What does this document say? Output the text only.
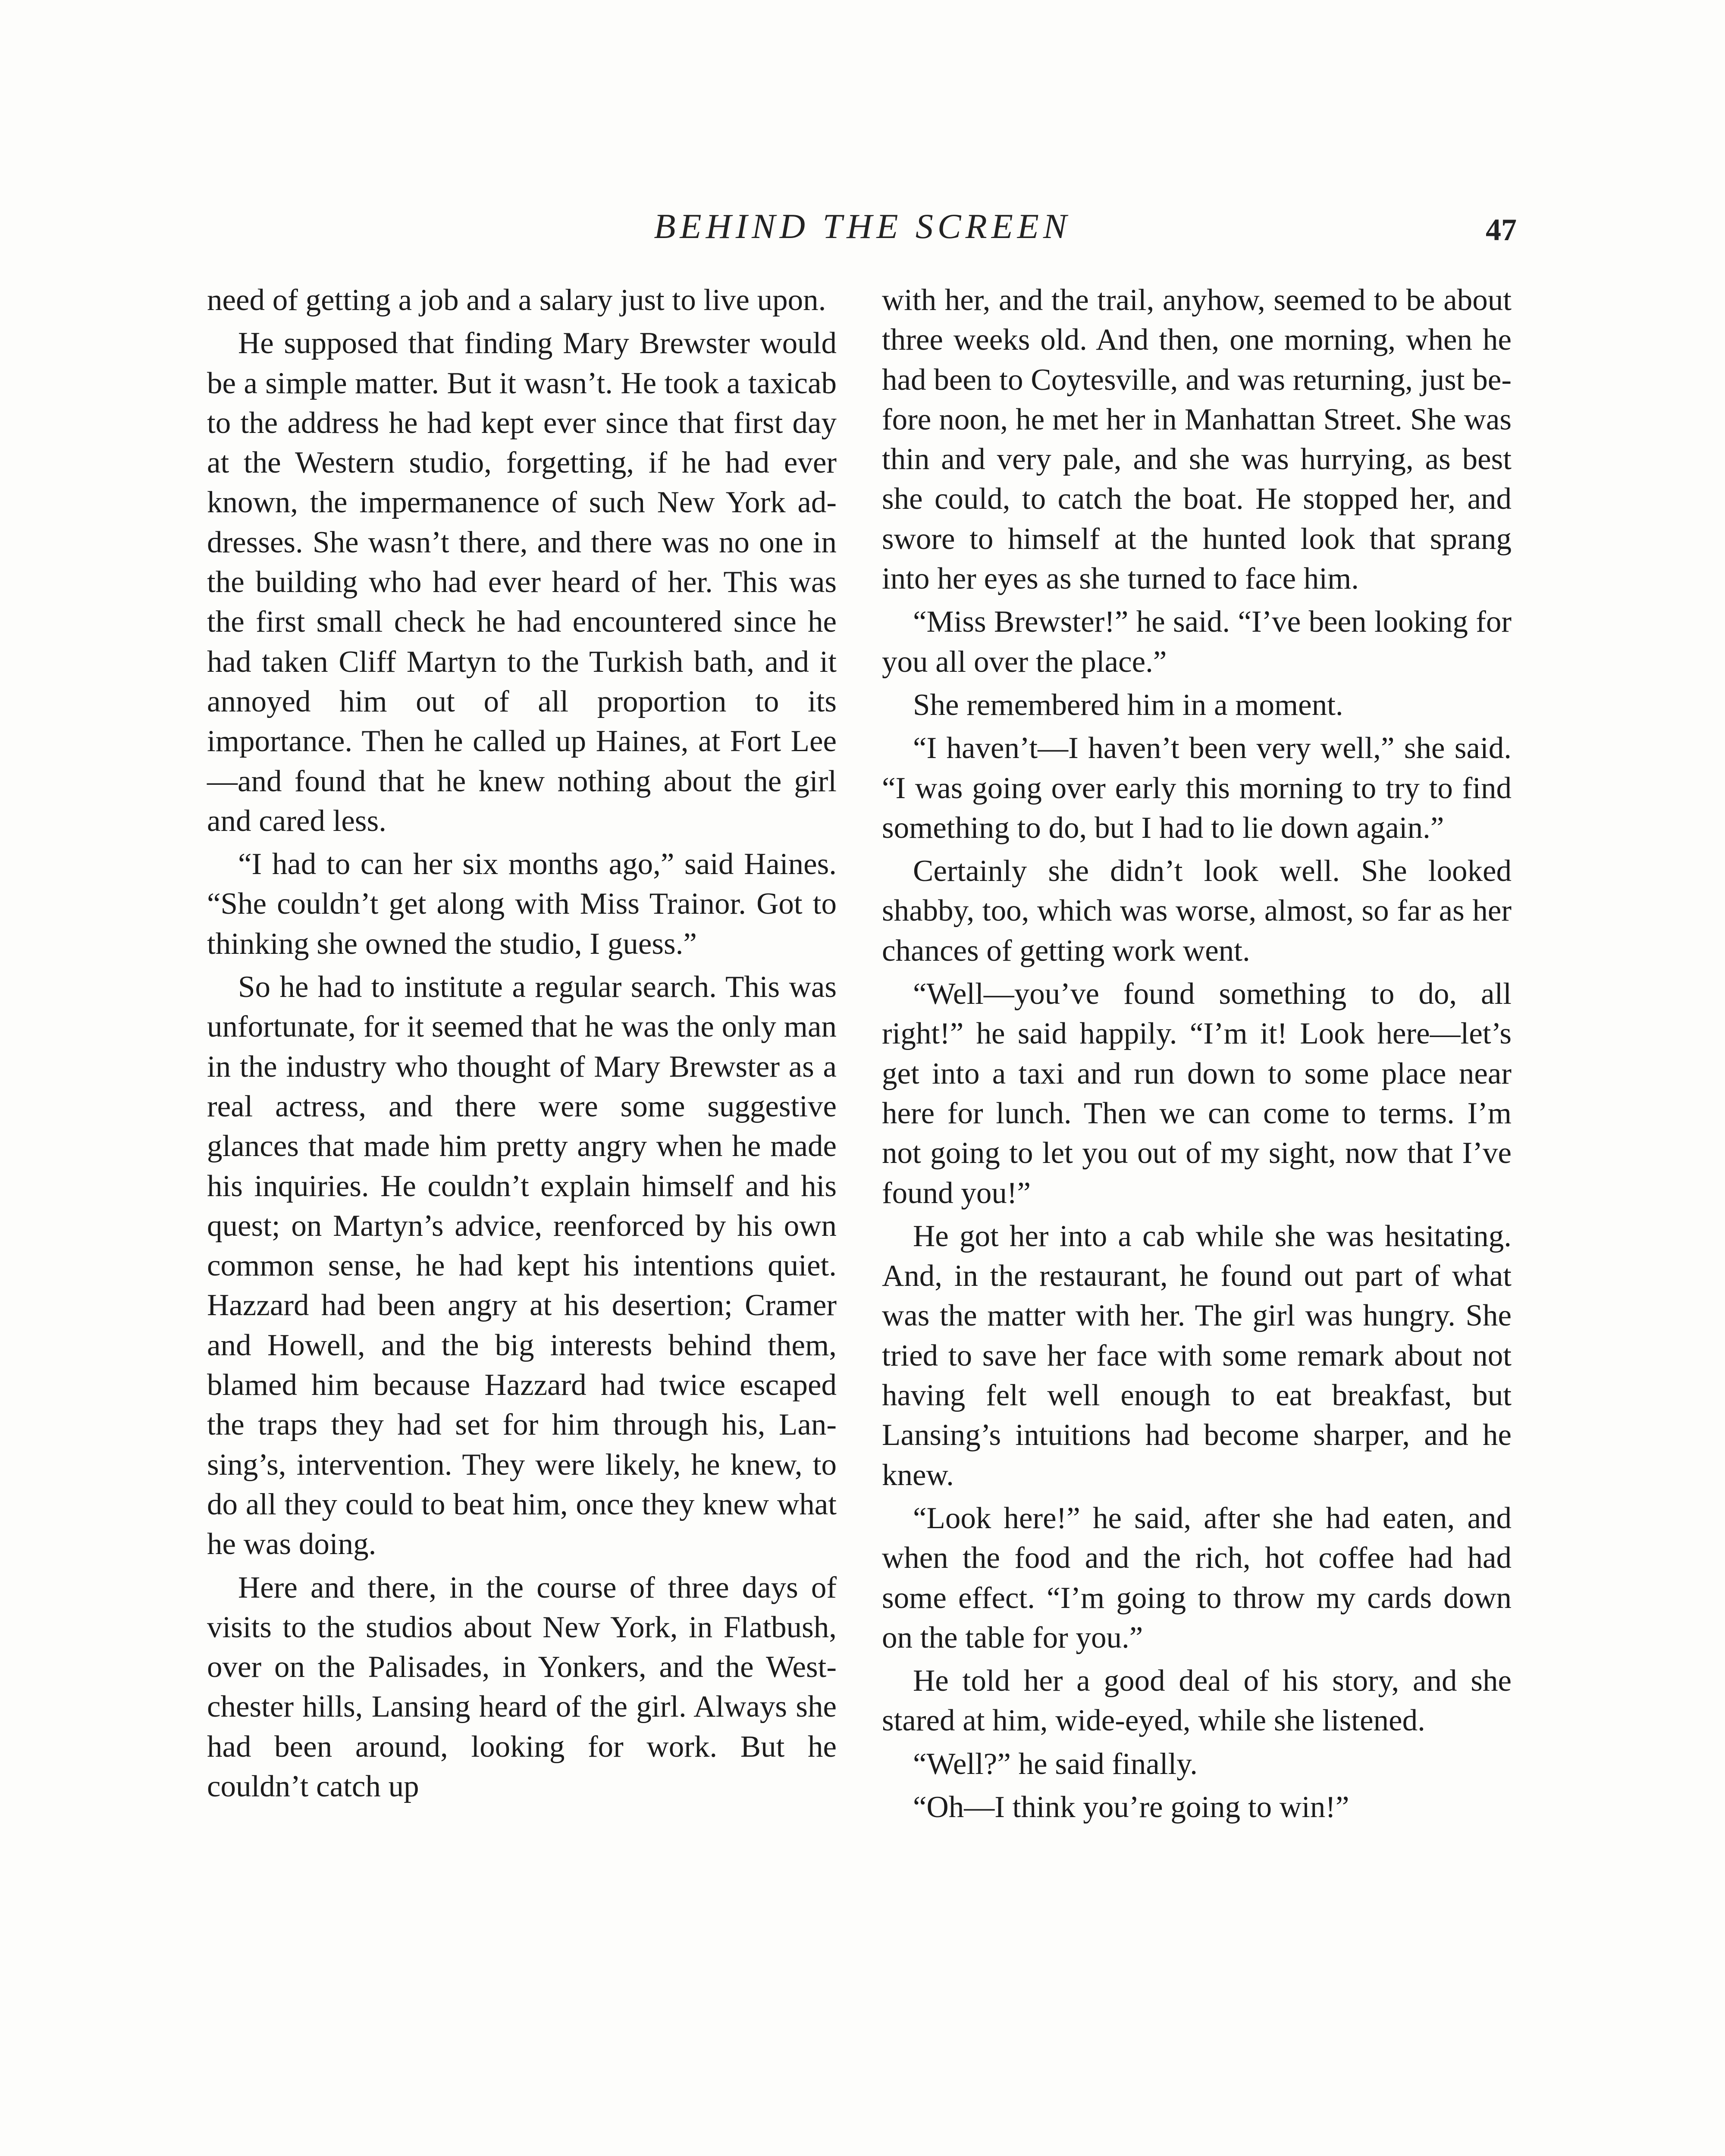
BEHIND THE SCREEN	47

need of getting a job and a salary just to live upon.

He supposed that finding Mary Brewster would be a simple matter. But it wasn’t. He took a taxicab to the address he had kept ever since that first day at the Western studio, forgetting, if he had ever known, the impermanence of such New York addresses. She wasn’t there, and there was no one in the building who had ever heard of her. This was the first small check he had encountered since he had taken Cliff Martyn to the Turkish bath, and it annoyed him out of all proportion to its importance. Then he called up Haines, at Fort Lee—and found that he knew nothing about the girl and cared less.

“I had to can her six months ago,” said Haines. “She couldn’t get along with Miss Trainor. Got to thinking she owned the studio, I guess.”

So he had to institute a regular search. This was unfortunate, for it seemed that he was the only man in the industry who thought of Mary Brewster as a real actress, and there were some suggestive glances that made him pretty angry when he made his inquiries. He couldn’t explain himself and his quest; on Martyn’s advice, reenforced by his own common sense, he had kept his intentions quiet. Hazzard had been angry at his desertion; Cramer and Howell, and the big interests behind them, blamed him because Hazzard had twice escaped the traps they had set for him through his, Lansing’s, intervention. They were likely, he knew, to do all they could to beat him, once they knew what he was doing.

Here and there, in the course of three days of visits to the studios about New York, in Flatbush, over on the Palisades, in Yonkers, and the Westchester hills, Lansing heard of the girl. Always she had been around, looking for work. But he couldn’t catch up

with her, and the trail, anyhow, seemed to be about three weeks old. And then, one morning, when he had been to Coytesville, and was returning, just before noon, he met her in Manhattan Street. She was thin and very pale, and she was hurrying, as best she could, to catch the boat. He stopped her, and swore to himself at the hunted look that sprang into her eyes as she turned to face him.

“Miss Brewster!” he said. “I’ve been looking for you all over the place.”

She remembered him in a moment.

“I haven’t—I haven’t been very well,” she said. “I was going over early this morning to try to find something to do, but I had to lie down again.”

Certainly she didn’t look well. She looked shabby, too, which was worse, almost, so far as her chances of getting work went.

“Well—you’ve found something to do, all right!” he said happily. “I’m it! Look here—let’s get into a taxi and run down to some place near here for lunch. Then we can come to terms. I’m not going to let you out of my sight, now that I’ve found you!”

He got her into a cab while she was hesitating. And, in the restaurant, he found out part of what was the matter with her. The girl was hungry. She tried to save her face with some remark about not having felt well enough to eat breakfast, but Lansing’s intuitions had become sharper, and he knew.

“Look here!” he said, after she had eaten, and when the food and the rich, hot coffee had had some effect. “I’m going to throw my cards down on the table for you.”

He told her a good deal of his story, and she stared at him, wide-eyed, while she listened.

“Well?” he said finally.

“Oh—I think you’re going to win!”
